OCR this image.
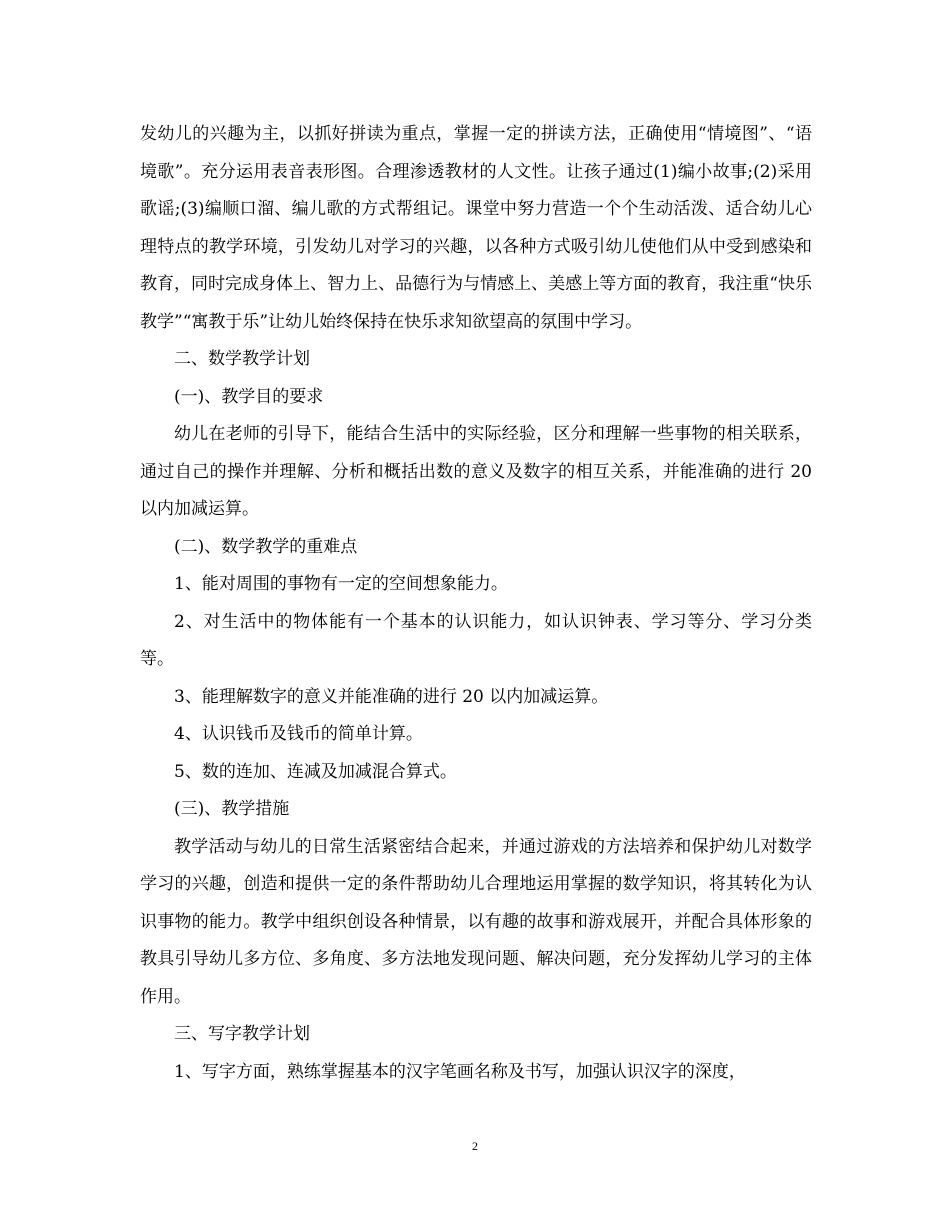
发幼儿的兴趣为主，以抓好拼读为重点，掌握一定的拼读方法，正确使用“情境图”、“语境歌”。充分运用表音表形图。合理渗透教材的人文性。让孩子通过(1)编小故事;(2)采用歌谣;(3)编顺口溜、编儿歌的方式帮组记。课堂中努力营造一个个生动活泼、适合幼儿心理特点的教学环境，引发幼儿对学习的兴趣，以各种方式吸引幼儿使他们从中受到感染和教育，同时完成身体上、智力上、品德行为与情感上、美感上等方面的教育，我注重“快乐教学”“寓教于乐”让幼儿始终保持在快乐求知欲望高的氛围中学习。

二、数学教学计划

(一)、教学目的要求

幼儿在老师的引导下，能结合生活中的实际经验，区分和理解一些事物的相关联系，通过自己的操作并理解、分析和概括出数的意义及数字的相互关系，并能准确的进行 20 以内加减运算。

(二)、数学教学的重难点

1、能对周围的事物有一定的空间想象能力。

2、对生活中的物体能有一个基本的认识能力，如认识钟表、学习等分、学习分类等。

3、能理解数字的意义并能准确的进行 20 以内加减运算。

4、认识钱币及钱币的简单计算。

5、数的连加、连减及加减混合算式。

(三)、教学措施

教学活动与幼儿的日常生活紧密结合起来，并通过游戏的方法培养和保护幼儿对数学学习的兴趣，创造和提供一定的条件帮助幼儿合理地运用掌握的数学知识，将其转化为认识事物的能力。教学中组织创设各种情景，以有趣的故事和游戏展开，并配合具体形象的教具引导幼儿多方位、多角度、多方法地发现问题、解决问题，充分发挥幼儿学习的主体作用。

三、写字教学计划

1、写字方面，熟练掌握基本的汉字笔画名称及书写，加强认识汉字的深度，

2
